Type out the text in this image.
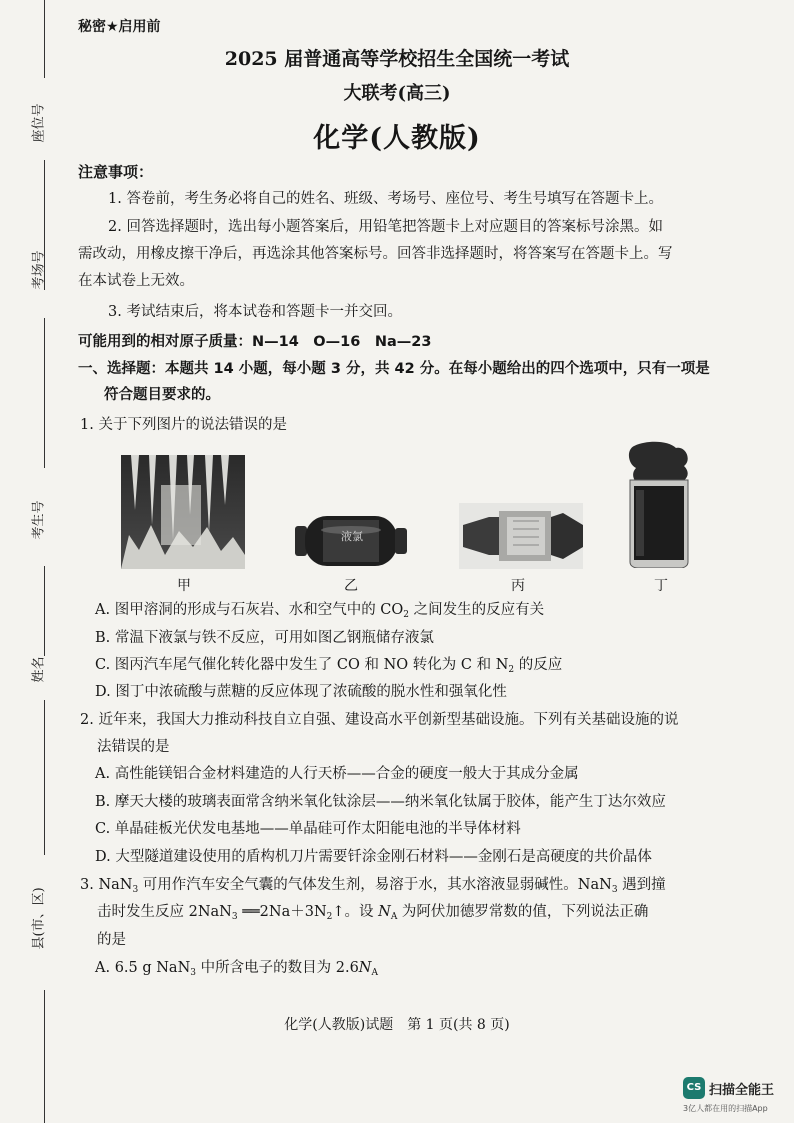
座位号
考场号
考生号
姓名
县(市、区)
秘密★启用前
2025 届普通高等学校招生全国统一考试
大联考(高三)
化学(人教版)
注意事项：
1. 答卷前，考生务必将自己的姓名、班级、考场号、座位号、考生号填写在答题卡上。
2. 回答选择题时，选出每小题答案后，用铅笔把答题卡上对应题目的答案标号涂黑。如
需改动，用橡皮擦干净后，再选涂其他答案标号。回答非选择题时，将答案写在答题卡上。写
在本试卷上无效。
3. 考试结束后，将本试卷和答题卡一并交回。
可能用到的相对原子质量：N—14　O—16　Na—23
一、选择题：本题共 14 小题，每小题 3 分，共 42 分。在每小题给出的四个选项中，只有一项是
符合题目要求的。
1. 关于下列图片的说法错误的是
甲
液氯
乙	丙	丁
A. 图甲溶洞的形成与石灰岩、水和空气中的 $CO_2$ 之间发生的反应有关
B. 常温下液氯与铁不反应，可用如图乙钢瓶储存液氯
C. 图丙汽车尾气催化转化器中发生了 CO 和 NO 转化为 C 和 $N_2$ 的反应
D. 图丁中浓硫酸与蔗糖的反应体现了浓硫酸的脱水性和强氧化性
2. 近年来，我国大力推动科技自立自强、建设高水平创新型基础设施。下列有关基础设施的说
法错误的是
A. 高性能镁铝合金材料建造的人行天桥——合金的硬度一般大于其成分金属
B. 摩天大楼的玻璃表面常含纳米氧化钛涂层——纳米氧化钛属于胶体，能产生丁达尔效应
C. 单晶硅板光伏发电基地——单晶硅可作太阳能电池的半导体材料
D. 大型隧道建设使用的盾构机刀片需要钎涂金刚石材料——金刚石是高硬度的共价晶体
3. NaN$_3$ 可用作汽车安全气囊的气体发生剂，易溶于水，其水溶液显弱碱性。NaN$_3$ 遇到撞
击时发生反应 2NaN$_3$ $══2Na+3N_2↑$。设 $N_A$ 为阿伏加德罗常数的值，下列说法正确
的是
A. 6.5 g NaN$_3$ 中所含电子的数目为 $2.6N_A$
化学(人教版)试题　第 1 页(共 8 页)
CS 扫描全能王
3亿人都在用的扫描App
